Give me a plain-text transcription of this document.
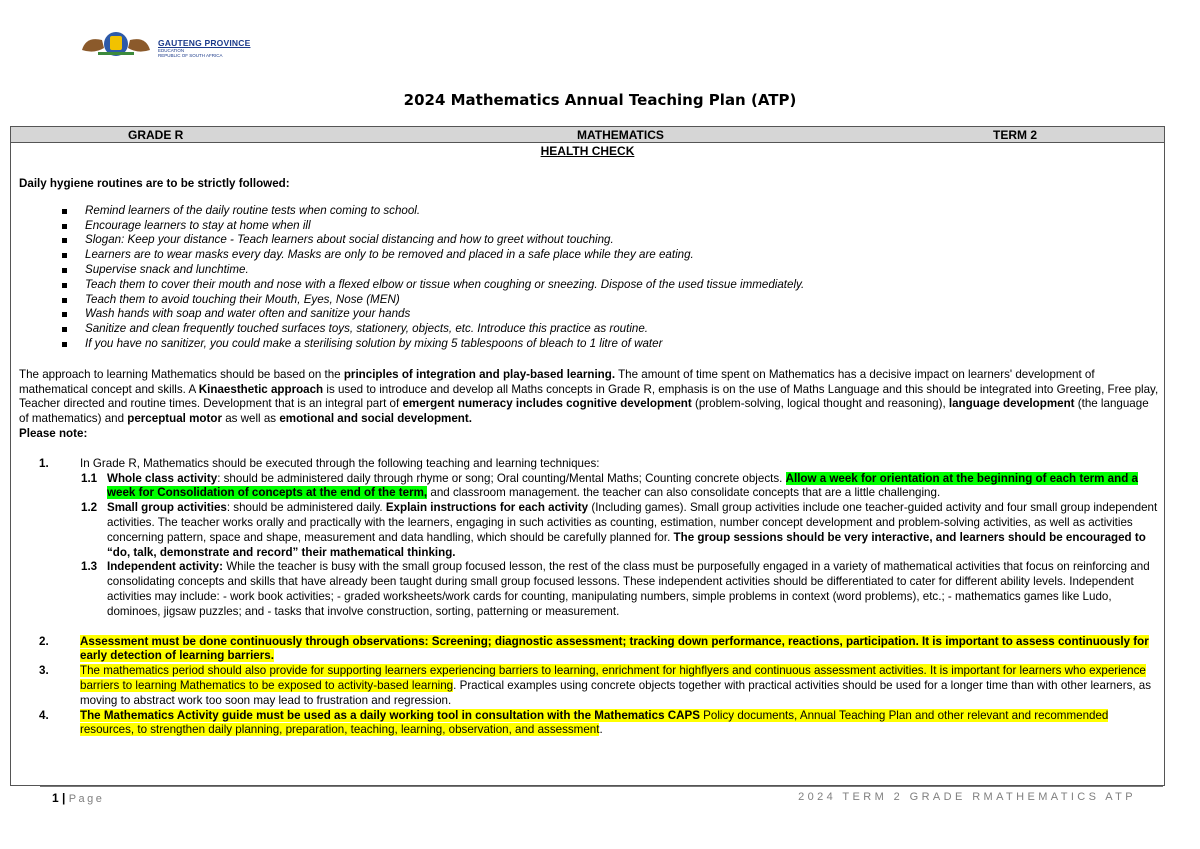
GAUTENG PROVINCE
EDUCATION
REPUBLIC OF SOUTH AFRICA
2024 Mathematics Annual Teaching Plan (ATP)
GRADE R	MATHEMATICS	TERM 2
HEALTH CHECK
Daily hygiene routines are to be strictly followed:
Remind learners of the daily routine tests when coming to school.
Encourage learners to stay at home when ill
Slogan: Keep your distance - Teach learners about social distancing and how to greet without touching.
Learners are to wear masks every day. Masks are only to be removed and placed in a safe place while they are eating.
Supervise snack and lunchtime.
Teach them to cover their mouth and nose with a flexed elbow or tissue when coughing or sneezing. Dispose of the used tissue immediately.
Teach them to avoid touching their Mouth, Eyes, Nose (MEN)
Wash hands with soap and water often and sanitize your hands
Sanitize and clean frequently touched surfaces toys, stationery, objects, etc. Introduce this practice as routine.
If you have no sanitizer, you could make a sterilising solution by mixing 5 tablespoons of bleach to 1 litre of water
The approach to learning Mathematics should be based on the principles of integration and play-based learning. The amount of time spent on Mathematics has a decisive impact on learners' development of mathematical concept and skills. A Kinaesthetic approach is used to introduce and develop all Maths concepts in Grade R, emphasis is on the use of Maths Language and this should be integrated into Greeting, Free play, Teacher directed and routine times. Development that is an integral part of emergent numeracy includes cognitive development (problem-solving, logical thought and reasoning), language development (the language of mathematics) and perceptual motor as well as emotional and social development.
Please note:
1.	In Grade R, Mathematics should be executed through the following teaching and learning techniques:
1.1 Whole class activity: should be administered daily through rhyme or song; Oral counting/Mental Maths; Counting concrete objects. Allow a week for orientation at the beginning of each term and a week for Consolidation of concepts at the end of the term, and classroom management. the teacher can also consolidate concepts that are a little challenging.
1.2 Small group activities: should be administered daily. Explain instructions for each activity (Including games). Small group activities include one teacher-guided activity and four small group independent activities. The teacher works orally and practically with the learners, engaging in such activities as counting, estimation, number concept development and problem-solving activities, as well as activities concerning pattern, space and shape, measurement and data handling, which should be carefully planned for. The group sessions should be very interactive, and learners should be encouraged to “do, talk, demonstrate and record” their mathematical thinking.
1.3 Independent activity: While the teacher is busy with the small group focused lesson, the rest of the class must be purposefully engaged in a variety of mathematical activities that focus on reinforcing and consolidating concepts and skills that have already been taught during small group focused lessons. These independent activities should be differentiated to cater for different ability levels. Independent activities may include: - work book activities; - graded worksheets/work cards for counting, manipulating numbers, simple problems in context (word problems), etc.; - mathematics games like Ludo, dominoes, jigsaw puzzles; and - tasks that involve construction, sorting, patterning or measurement.
2.	Assessment must be done continuously through observations: Screening; diagnostic assessment; tracking down performance, reactions, participation. It is important to assess continuously for early detection of learning barriers.
3.	The mathematics period should also provide for supporting learners experiencing barriers to learning, enrichment for highflyers and continuous assessment activities. It is important for learners who experience barriers to learning Mathematics to be exposed to activity-based learning. Practical examples using concrete objects together with practical activities should be used for a longer time than with other learners, as moving to abstract work too soon may lead to frustration and regression.
4.	The Mathematics Activity guide must be used as a daily working tool in consultation with the Mathematics CAPS Policy documents, Annual Teaching Plan and other relevant and recommended resources, to strengthen daily planning, preparation, teaching, learning, observation, and assessment.
1 | Page	2024 TERM 2 GRADE RMATHEMATICS ATP
